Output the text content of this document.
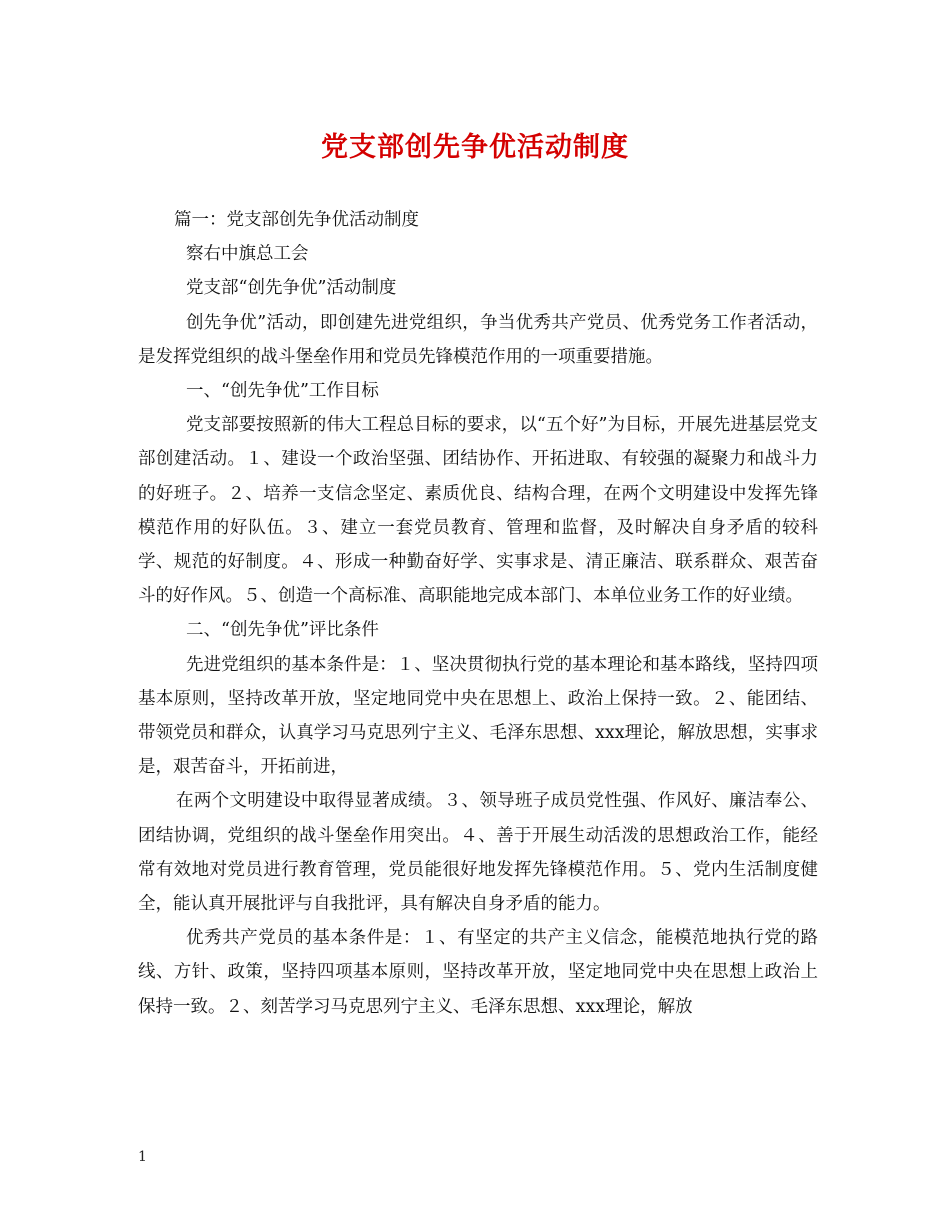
党支部创先争优活动制度

篇一：党支部创先争优活动制度

察右中旗总工会

党支部“创先争优”活动制度

创先争优”活动，即创建先进党组织，争当优秀共产党员、优秀党务工作者活动，是发挥党组织的战斗堡垒作用和党员先锋模范作用的一项重要措施。

一、“创先争优”工作目标

党支部要按照新的伟大工程总目标的要求，以“五个好”为目标，开展先进基层党支部创建活动。１、建设一个政治坚强、团结协作、开拓进取、有较强的凝聚力和战斗力的好班子。２、培养一支信念坚定、素质优良、结构合理，在两个文明建设中发挥先锋模范作用的好队伍。３、建立一套党员教育、管理和监督，及时解决自身矛盾的较科学、规范的好制度。４、形成一种勤奋好学、实事求是、清正廉洁、联系群众、艰苦奋斗的好作风。５、创造一个高标准、高职能地完成本部门、本单位业务工作的好业绩。

二、“创先争优”评比条件

先进党组织的基本条件是：１、坚决贯彻执行党的基本理论和基本路线，坚持四项基本原则，坚持改革开放，坚定地同党中央在思想上、政治上保持一致。２、能团结、带领党员和群众，认真学习马克思列宁主义、毛泽东思想、xxx理论，解放思想，实事求是，艰苦奋斗，开拓前进，

在两个文明建设中取得显著成绩。３、领导班子成员党性强、作风好、廉洁奉公、团结协调，党组织的战斗堡垒作用突出。４、善于开展生动活泼的思想政治工作，能经常有效地对党员进行教育管理，党员能很好地发挥先锋模范作用。５、党内生活制度健全，能认真开展批评与自我批评，具有解决自身矛盾的能力。

优秀共产党员的基本条件是：１、有坚定的共产主义信念，能模范地执行党的路线、方针、政策，坚持四项基本原则，坚持改革开放，坚定地同党中央在思想上政治上保持一致。２、刻苦学习马克思列宁主义、毛泽东思想、xxx理论，解放

1
